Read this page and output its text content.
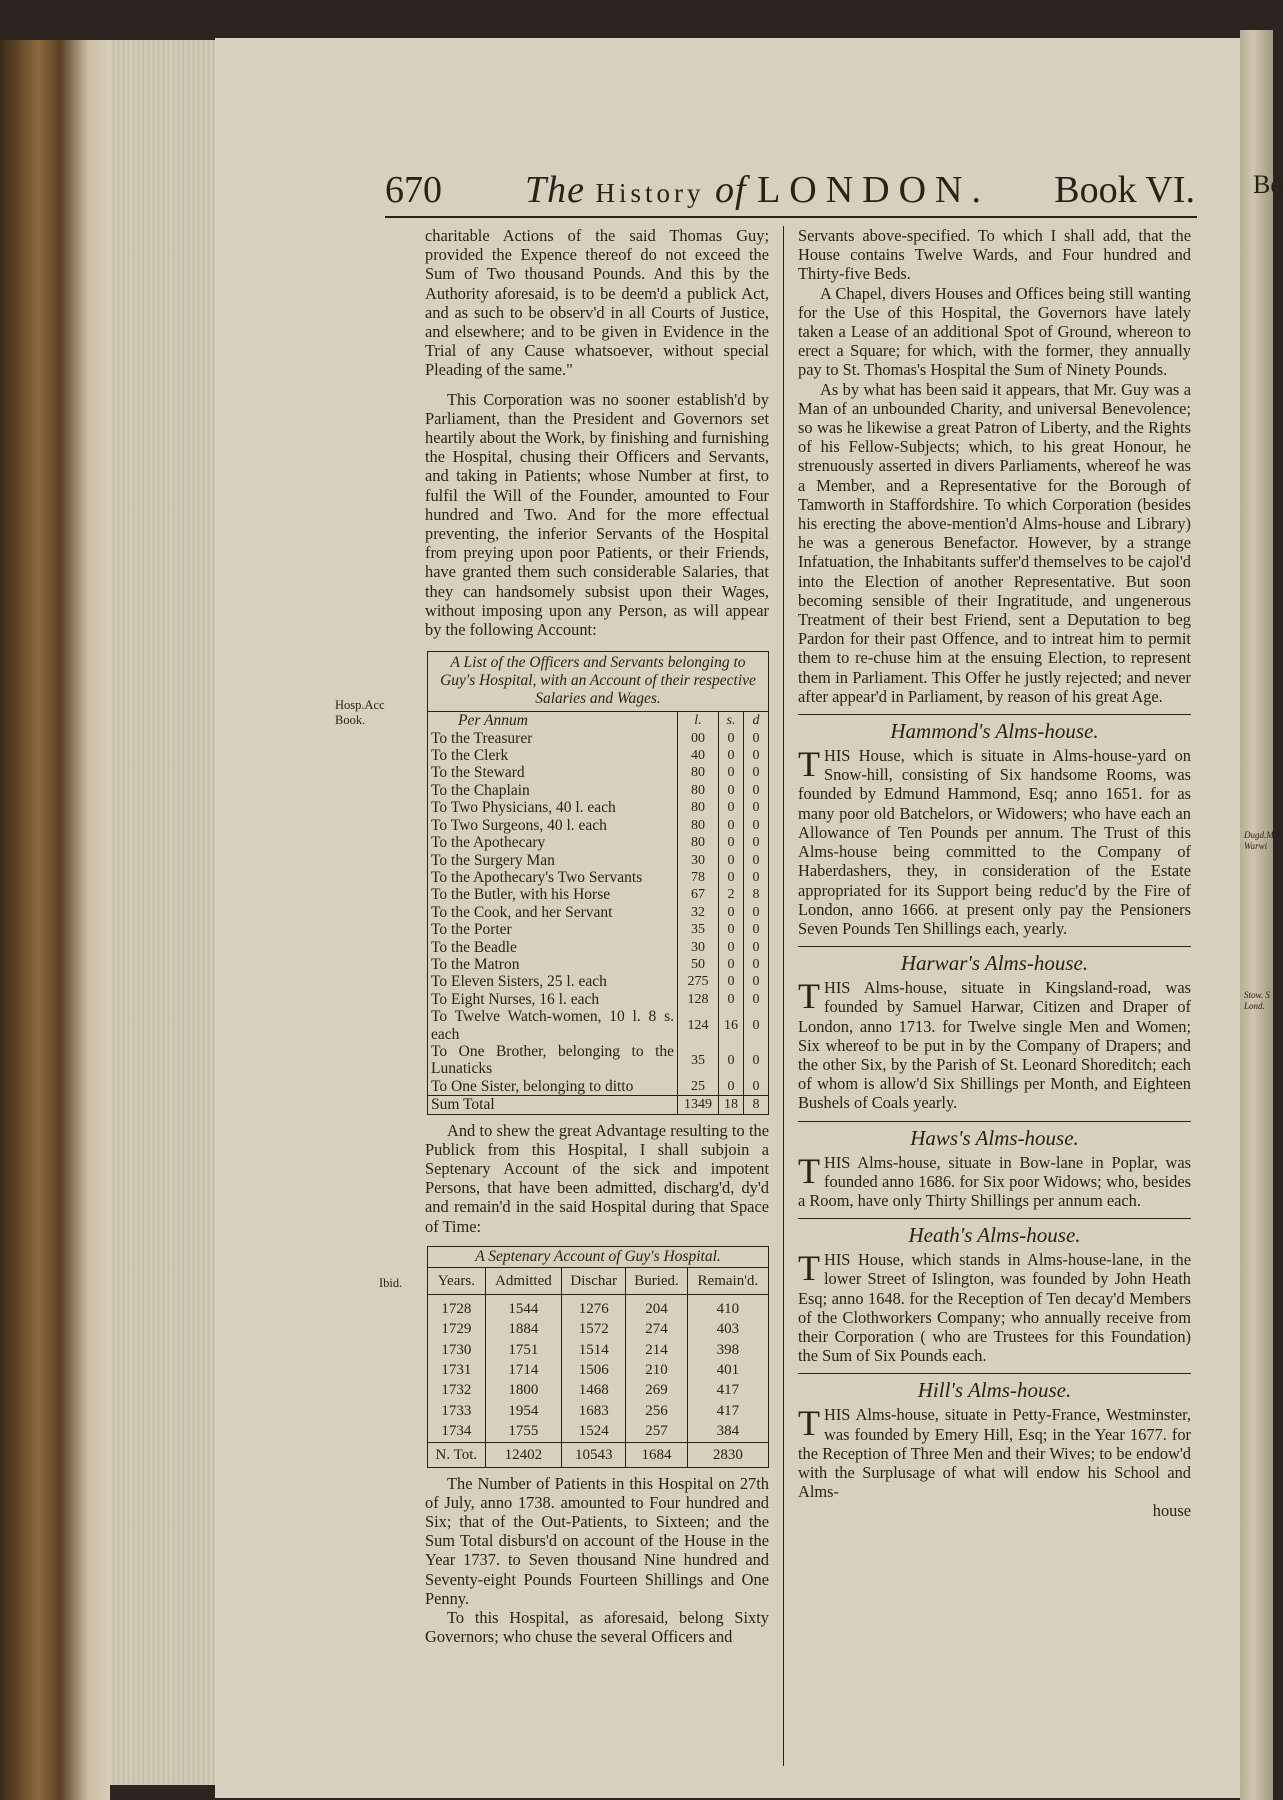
Bo
Dugd.M. Warwi
Stow. S Lond.
670 The History of LONDON. Book VI.
Hosp.Acc Book.
Ibid.

charitable Actions of the said Thomas Guy; provided the Expence thereof do not exceed the Sum of Two thousand Pounds. And this by the Authority aforesaid, is to be deem'd a publick Act, and as such to be observ'd in all Courts of Justice, and elsewhere; and to be given in Evidence in the Trial of any Cause whatsoever, without special Pleading of the same."

This Corporation was no sooner establish'd by Parliament, than the President and Governors set heartily about the Work, by finishing and furnishing the Hospital, chusing their Officers and Servants, and taking in Patients; whose Number at first, to fulfil the Will of the Founder, amounted to Four hundred and Two. And for the more effectual preventing, the inferior Servants of the Hospital from preying upon poor Patients, or their Friends, have granted them such considerable Salaries, that they can handsomely subsist upon their Wages, without imposing upon any Person, as will appear by the following Account:

A List of the Officers and Servants belonging to Guy's Hospital, with an Account of their respective Salaries and Wages.
Per Annum	l.	s.	d
To the Treasurer	00	0	0
To the Clerk	40	0	0
To the Steward	80	0	0
To the Chaplain	80	0	0
To Two Physicians, 40 l. each	80	0	0
To Two Surgeons, 40 l. each	80	0	0
To the Apothecary	80	0	0
To the Surgery Man	30	0	0
To the Apothecary's Two Servants	78	0	0
To the Butler, with his Horse	67	2	8
To the Cook, and her Servant	32	0	0
To the Porter	35	0	0
To the Beadle	30	0	0
To the Matron	50	0	0
To Eleven Sisters, 25 l. each	275	0	0
To Eight Nurses, 16 l. each	128	0	0
To Twelve Watch-women, 10 l. 8 s. each	124	16	0
To One Brother, belonging to the Lunaticks	35	0	0
To One Sister, belonging to ditto	25	0	0
Sum Total	1349	18	8

And to shew the great Advantage resulting to the Publick from this Hospital, I shall subjoin a Septenary Account of the sick and impotent Persons, that have been admitted, discharg'd, dy'd and remain'd in the said Hospital during that Space of Time:

A Septenary Account of Guy's Hospital.
Years.	Admitted	Dischar	Buried.	Remain'd.
1728	1544	1276	204	410
1729	1884	1572	274	403
1730	1751	1514	214	398
1731	1714	1506	210	401
1732	1800	1468	269	417
1733	1954	1683	256	417
1734	1755	1524	257	384
N. Tot.	12402	10543	1684	2830

The Number of Patients in this Hospital on 27th of July, anno 1738. amounted to Four hundred and Six; that of the Out-Patients, to Sixteen; and the Sum Total disburs'd on account of the House in the Year 1737. to Seven thousand Nine hundred and Seventy-eight Pounds Fourteen Shillings and One Penny.

To this Hospital, as aforesaid, belong Sixty Governors; who chuse the several Officers and

Servants above-specified. To which I shall add, that the House contains Twelve Wards, and Four hundred and Thirty-five Beds.

A Chapel, divers Houses and Offices being still wanting for the Use of this Hospital, the Governors have lately taken a Lease of an additional Spot of Ground, whereon to erect a Square; for which, with the former, they annually pay to St. Thomas's Hospital the Sum of Ninety Pounds.

As by what has been said it appears, that Mr. Guy was a Man of an unbounded Charity, and universal Benevolence; so was he likewise a great Patron of Liberty, and the Rights of his Fellow-Subjects; which, to his great Honour, he strenuously asserted in divers Parliaments, whereof he was a Member, and a Representative for the Borough of Tamworth in Staffordshire. To which Corporation (besides his erecting the above-mention'd Alms-house and Library) he was a generous Benefactor. However, by a strange Infatuation, the Inhabitants suffer'd themselves to be cajol'd into the Election of another Representative. But soon becoming sensible of their Ingratitude, and ungenerous Treatment of their best Friend, sent a Deputation to beg Pardon for their past Offence, and to intreat him to permit them to re-chuse him at the ensuing Election, to represent them in Parliament. This Offer he justly rejected; and never after appear'd in Parliament, by reason of his great Age.

Hammond's Alms-house.

THIS House, which is situate in Alms-house-yard on Snow-hill, consisting of Six handsome Rooms, was founded by Edmund Hammond, Esq; anno 1651. for as many poor old Batchelors, or Widowers; who have each an Allowance of Ten Pounds per annum. The Trust of this Alms-house being committed to the Company of Haberdashers, they, in consideration of the Estate appropriated for its Support being reduc'd by the Fire of London, anno 1666. at present only pay the Pensioners Seven Pounds Ten Shillings each, yearly.

Harwar's Alms-house.

THIS Alms-house, situate in Kingsland-road, was founded by Samuel Harwar, Citizen and Draper of London, anno 1713. for Twelve single Men and Women; Six whereof to be put in by the Company of Drapers; and the other Six, by the Parish of St. Leonard Shoreditch; each of whom is allow'd Six Shillings per Month, and Eighteen Bushels of Coals yearly.

Haws's Alms-house.

THIS Alms-house, situate in Bow-lane in Poplar, was founded anno 1686. for Six poor Widows; who, besides a Room, have only Thirty Shillings per annum each.

Heath's Alms-house.

THIS House, which stands in Alms-house-lane, in the lower Street of Islington, was founded by John Heath Esq; anno 1648. for the Reception of Ten decay'd Members of the Clothworkers Company; who annually receive from their Corporation ( who are Trustees for this Foundation) the Sum of Six Pounds each.

Hill's Alms-house.

THIS Alms-house, situate in Petty-France, Westminster, was founded by Emery Hill, Esq; in the Year 1677. for the Reception of Three Men and their Wives; to be endow'd with the Surplusage of what will endow his School and Alms-

house
